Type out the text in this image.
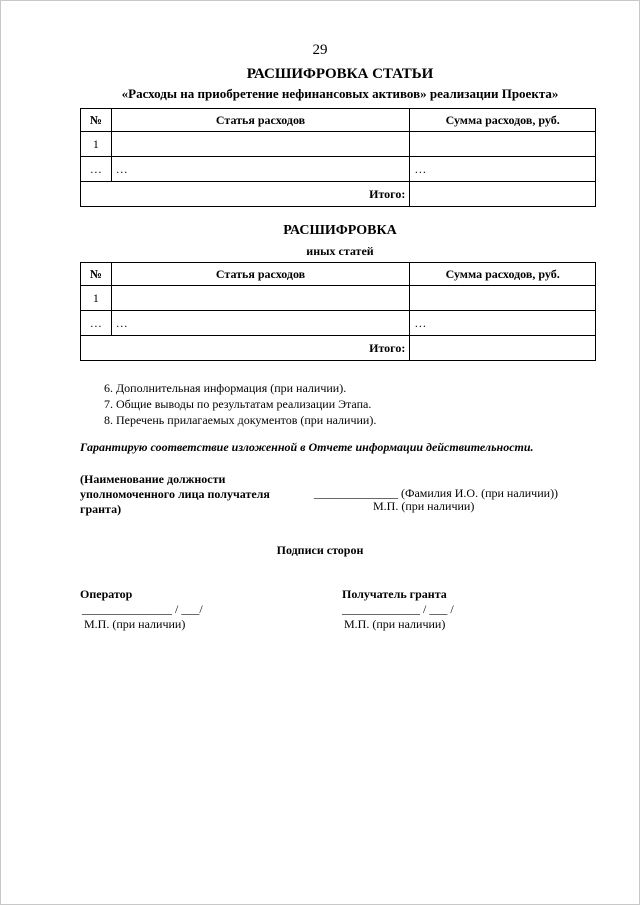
29
РАСШИФРОВКА СТАТЬИ
«Расходы на приобретение нефинансовых активов» реализации Проекта»
№	Статья расходов	Сумма расходов, руб.
1		
…	…	…
Итого:		
РАСШИФРОВКА
иных статей
№	Статья расходов	Сумма расходов, руб.
1		
…	…	…
Итого:		
6. Дополнительная информация (при наличии).
7. Общие выводы по результатам реализации Этапа.
8. Перечень прилагаемых документов (при наличии).
Гарантирую соответствие изложенной в Отчете информации действительности.
(Наименование должности
уполномоченного лица получателя
гранта)
______________ (Фамилия И.О. (при наличии))
М.П. (при наличии)
Подписи сторон
Оператор	Получатель гранта
_______________ / ___/	_____________ / ___ /
М.П. (при наличии)	М.П. (при наличии)
